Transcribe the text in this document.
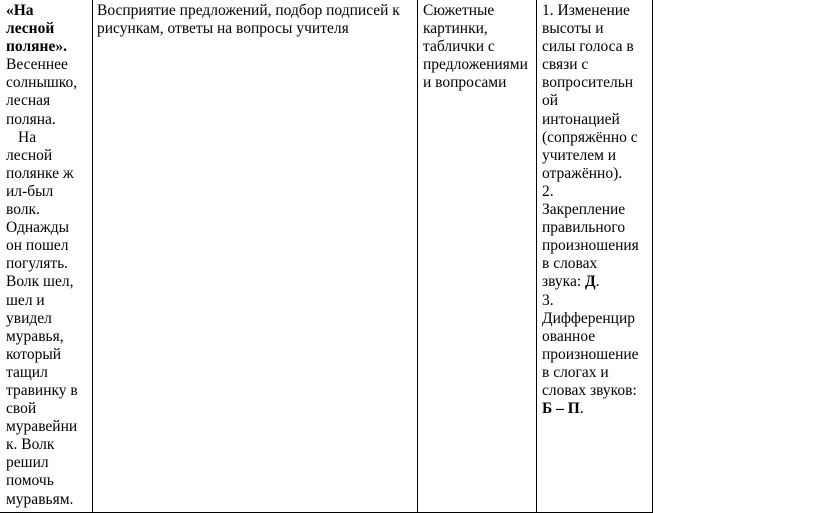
«На
лесной
поляне».
Весеннее
солнышко,
лесная
поляна.
На
лесной
полянке ж
ил-был
волк.
Однажды
он пошел
погулять.
Волк шел,
шел и
увидел
муравья,
который
тащил
травинку в
свой
муравейни
к. Волк
решил
помочь
муравьям.

Восприятие предложений, подбор подписей к
рисункам, ответы на вопросы учителя

Сюжетные
картинки,
таблички с
предложениями
и вопросами

1. Изменение
высоты и
силы голоса в
связи с
вопросительн
ой
интонацией
(сопряжённо с
учителем и
отражённо).
2.
Закрепление
правильного
произношения
в словах
звука: Д.
3.
Дифференцир
ованное
произношение
в слогах и
словах звуков:
Б – П.
